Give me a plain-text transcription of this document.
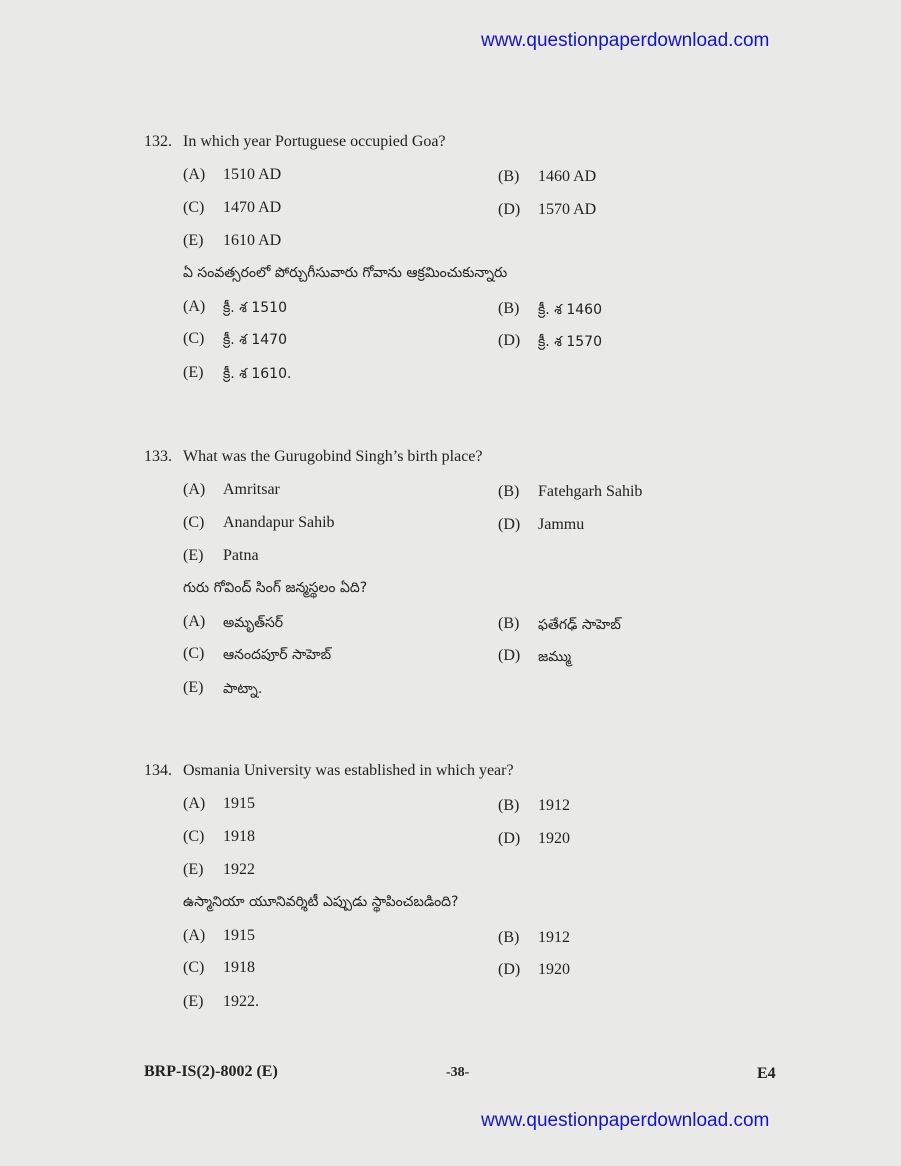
www.questionpaperdownload.com
132. In which year Portuguese occupied Goa?
(A) 1510 AD	(B) 1460 AD
(C) 1470 AD	(D) 1570 AD
(E) 1610 AD
ఏ సంవత్సరంలో పోర్చుగీసువారు గోవాను ఆక్రమించుకున్నారు
(A) క్రీ. శ 1510	(B) క్రీ. శ 1460
(C) క్రీ. శ 1470	(D) క్రీ. శ 1570
(E) క్రీ. శ 1610.
133. What was the Gurugobind Singh’s birth place?
(A) Amritsar	(B) Fatehgarh Sahib
(C) Anandapur Sahib	(D) Jammu
(E) Patna
గురు గోవింద్ సింగ్ జన్మస్థలం ఏది?
(A) అమృత్‌సర్	(B) ఫతేగఢ్ సాహెబ్
(C) ఆనందపూర్ సాహెబ్	(D) జమ్ము
(E) పాట్నా.
134. Osmania University was established in which year?
(A) 1915	(B) 1912
(C) 1918	(D) 1920
(E) 1922
ఉస్మానియా యూనివర్శిటీ ఎప్పుడు స్థాపించబడింది?
(A) 1915	(B) 1912
(C) 1918	(D) 1920
(E) 1922.
BRP-IS(2)-8002 (E)	-38-	E4
www.questionpaperdownload.com
